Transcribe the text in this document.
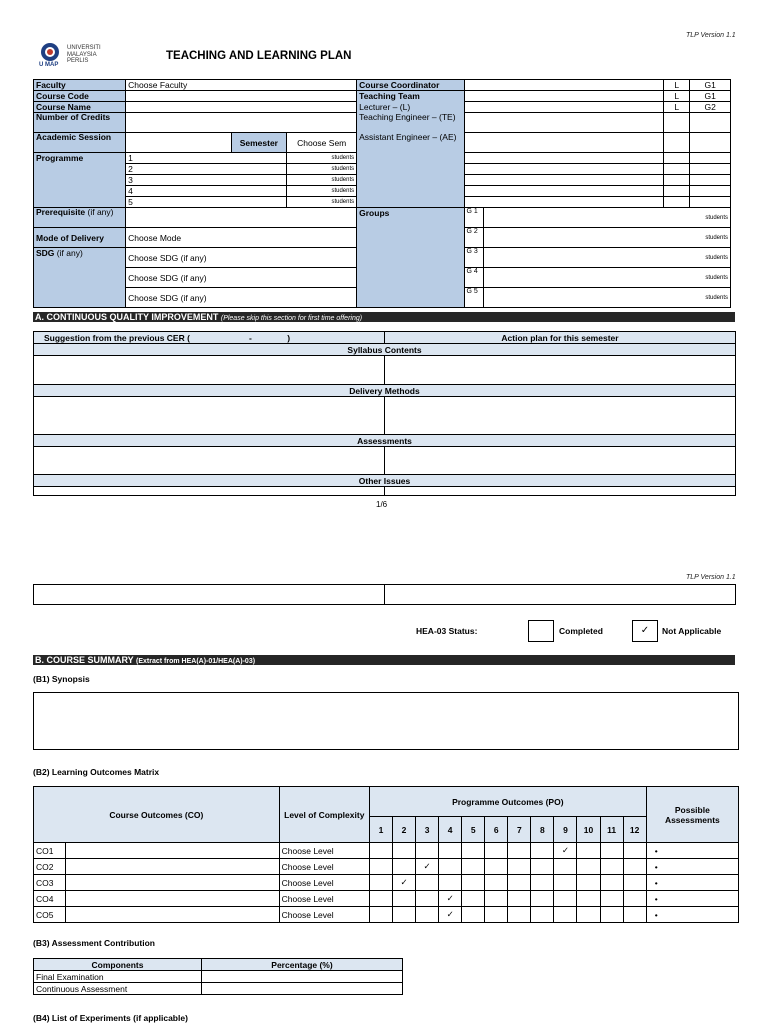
TLP Version 1.1
UNIVERSITI
MALAYSIA
PERLIS
U MAP
TEACHING AND LEARNING PLAN
Faculty	Choose Faculty			Course Coordinator			L	G1
Course Code				Teaching Team			L	G1
Course Name				Lecturer – (L)			L	G2
Number of Credits				Teaching Engineer – (TE)				
Academic Session		Semester	Choose Sem	Assistant Engineer – (AE)				
Programme	1		students					
	2		students					
	3		students					
	4		students					
	5		students					
Prerequisite (if any)				Groups	G 1	students		
Mode of Delivery	Choose Mode				G 2	students		
SDG (if any)	Choose SDG (if any)				G 3	students		
	Choose SDG (if any)				G 4	students		
	Choose SDG (if any)				G 5	students		
A. CONTINUOUS QUALITY IMPROVEMENT (Please skip this section for first time offering)
Suggestion from the previous CER (                         -               )	Action plan for this semester
Syllabus Contents	

Delivery Methods	

Assessments	

Other Issues	

1/6
TLP Version 1.1

HEA-03 Status:	Completed	✓	Not Applicable
B. COURSE SUMMARY (Extract from HEA(A)-01/HEA(A)-03)
(B1) Synopsis
(B2) Learning Outcomes Matrix
Course Outcomes (CO)		Level of Complexity	Programme Outcomes (PO)												Possible Assessments
			1	2	3	4	5	6	7	8	9	10	11	12	
CO1		Choose Level									✓				•
CO2		Choose Level			✓										•
CO3		Choose Level		✓											•
CO4		Choose Level				✓									•
CO5		Choose Level				✓									•
(B3) Assessment Contribution
Components	Percentage (%)
Final Examination	
Continuous Assessment	
(B4) List of Experiments (if applicable)
